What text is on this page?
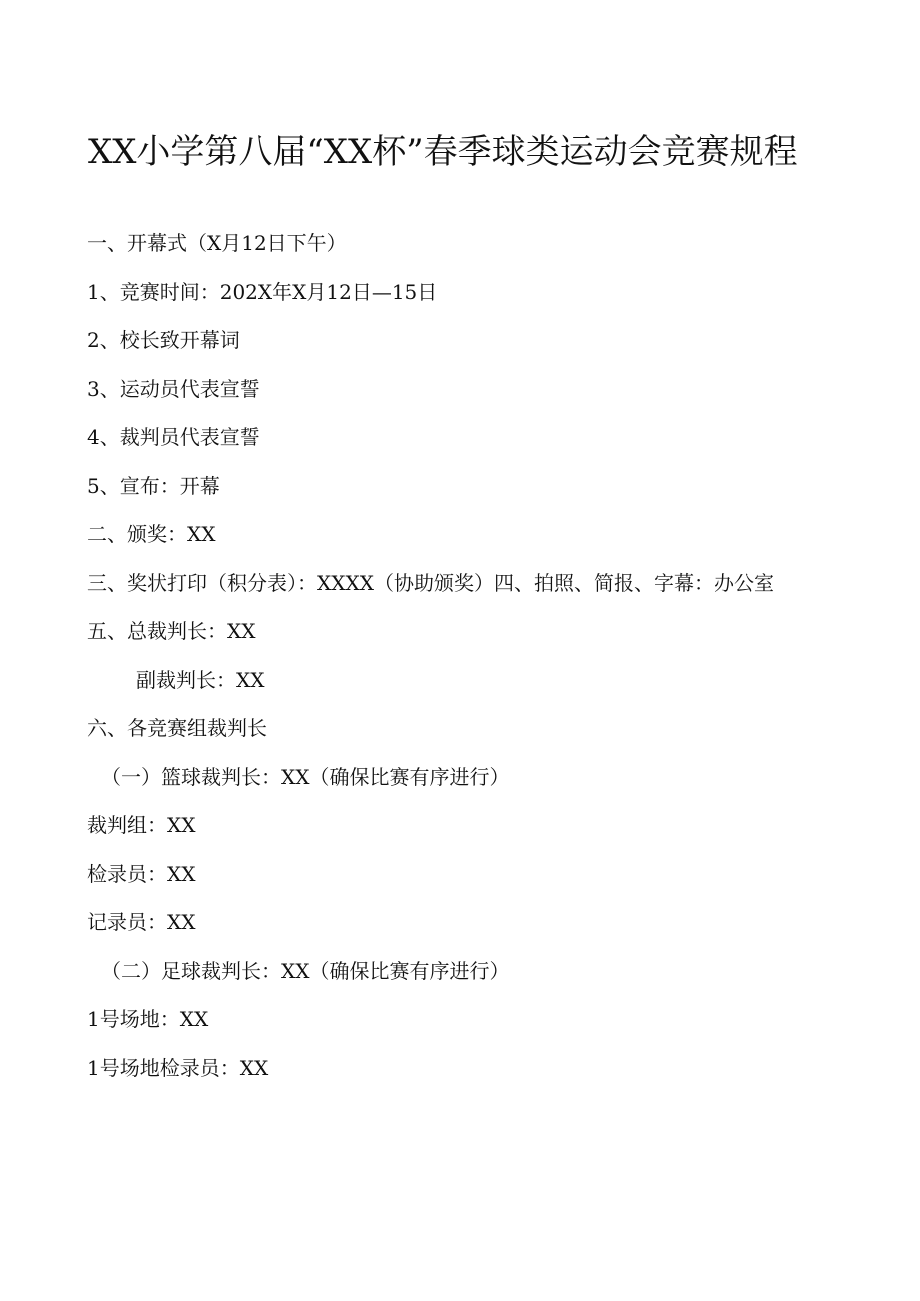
XX小学第八届“XX杯”春季球类运动会竞赛规程
一、开幕式（X月12日下午）
1、竞赛时间：202X年X月12日—15日
2、校长致开幕词
3、运动员代表宣誓
4、裁判员代表宣誓
5、宣布：开幕
二、颁奖：XX
三、奖状打印（积分表）：XXXX（协助颁奖）四、拍照、简报、字幕：办公室
五、总裁判长：XX
副裁判长：XX
六、各竞赛组裁判长
（一）篮球裁判长：XX（确保比赛有序进行）
裁判组：XX
检录员：XX
记录员：XX
（二）足球裁判长：XX（确保比赛有序进行）
1号场地：XX
1号场地检录员：XX
